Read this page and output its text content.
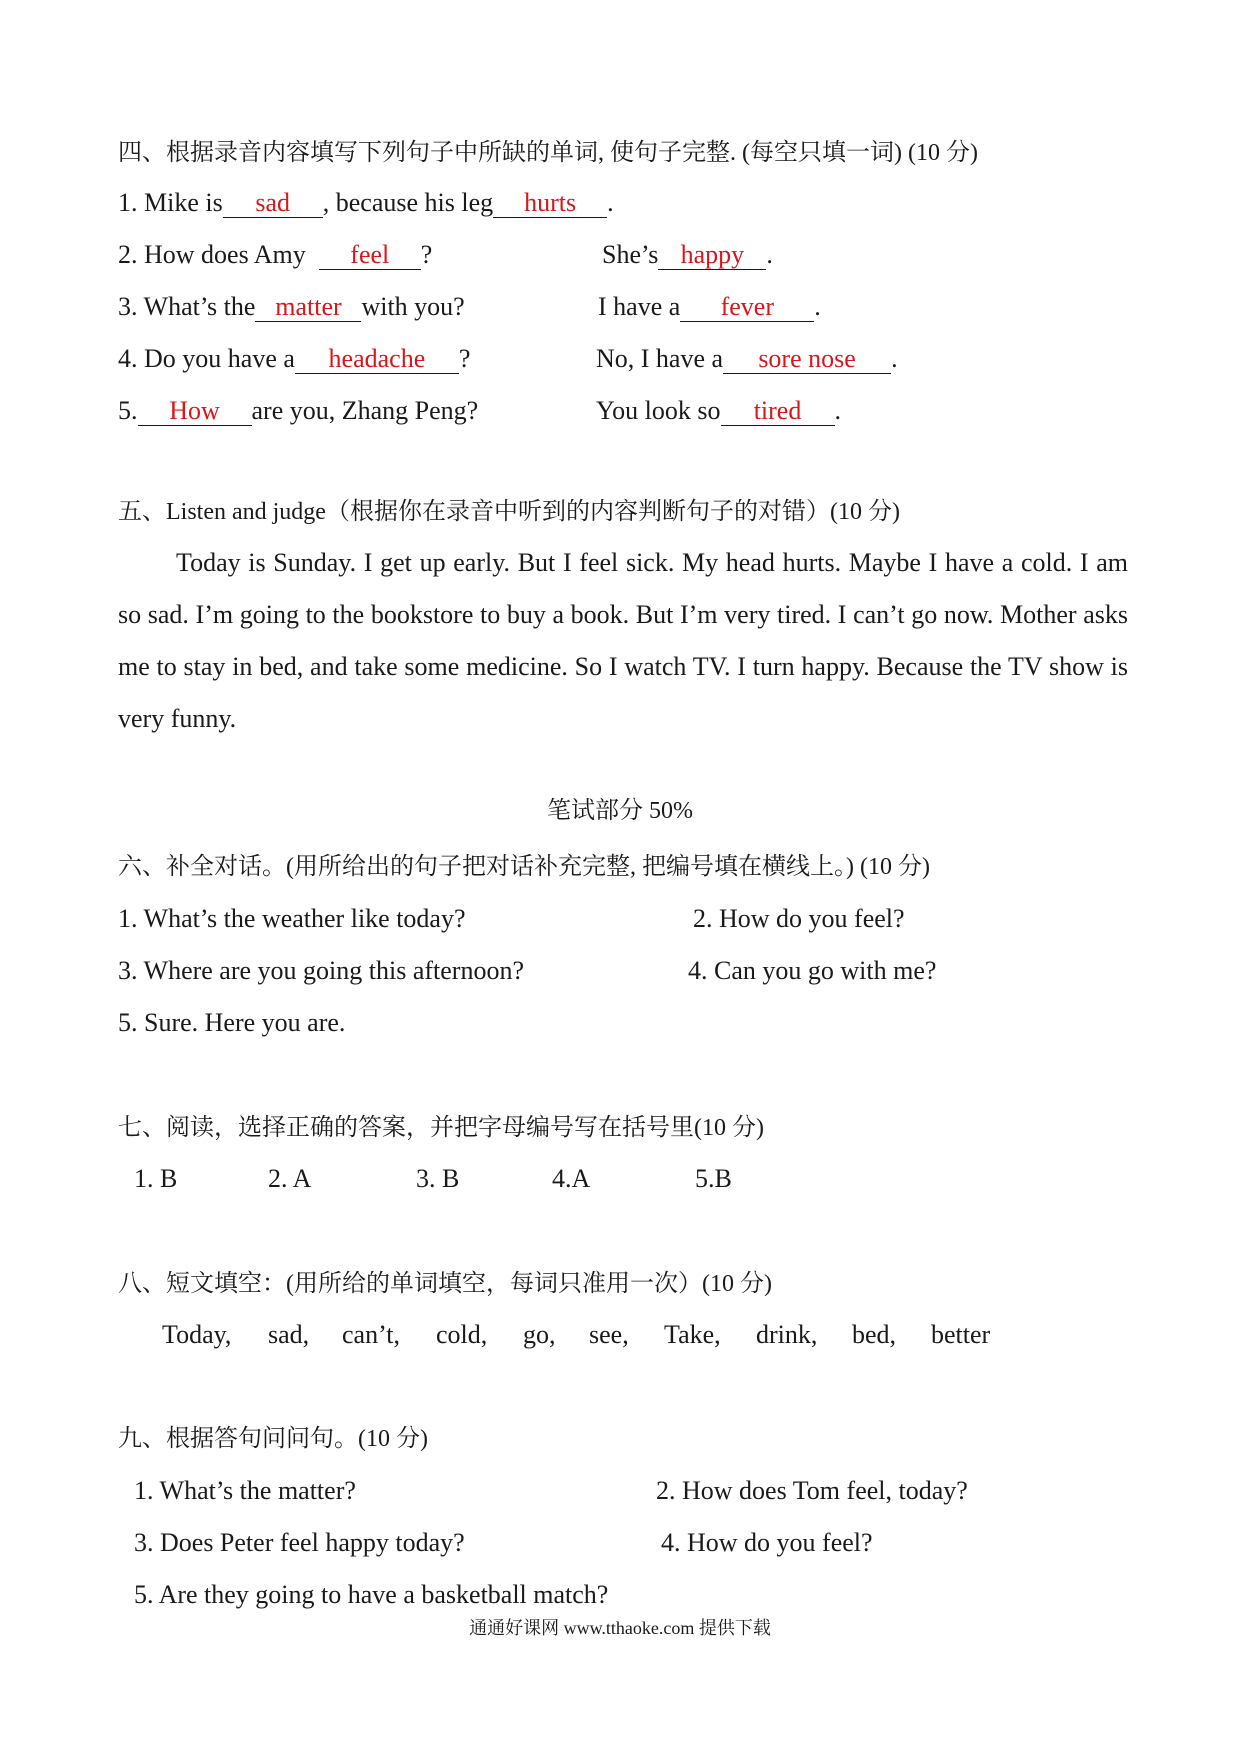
四、根据录音内容填写下列句子中所缺的单词, 使句子完整. (每空只填一词) (10 分)
1. Mike is sad , because his leg hurts .
2. How does Amy feel ?	She’s happy .
3. What’s the matter with you?	I have a fever .
4. Do you have a headache ?	No, I have a sore nose .
5. How are you, Zhang Peng?	You look so tired .
五、Listen and judge（根据你在录音中听到的内容判断句子的对错）(10 分)
Today is Sunday. I get up early. But I feel sick. My head hurts. Maybe I have a cold. I am so sad. I’m going to the bookstore to buy a book. But I’m very tired. I can’t go now. Mother asks me to stay in bed, and take some medicine. So I watch TV. I turn happy. Because the TV show is very funny.
笔试部分 50%
六、补全对话。(用所给出的句子把对话补充完整, 把编号填在横线上。) (10 分)
1. What’s the weather like today?	2. How do you feel?
3. Where are you going this afternoon?	4. Can you go with me?
5. Sure. Here you are.
七、阅读，选择正确的答案，并把字母编号写在括号里(10 分)
1. B	2. A	3. B	4.A	5.B
八、短文填空：(用所给的单词填空，每词只准用一次）(10 分)
Today, sad, can’t, cold, go, see, Take, drink, bed, better
九、根据答句问问句。(10 分)
1. What’s the matter?	2. How does Tom feel, today?
3. Does Peter feel happy today?	4. How do you feel?
5. Are they going to have a basketball match?
通通好课网 www.tthaoke.com 提供下载
